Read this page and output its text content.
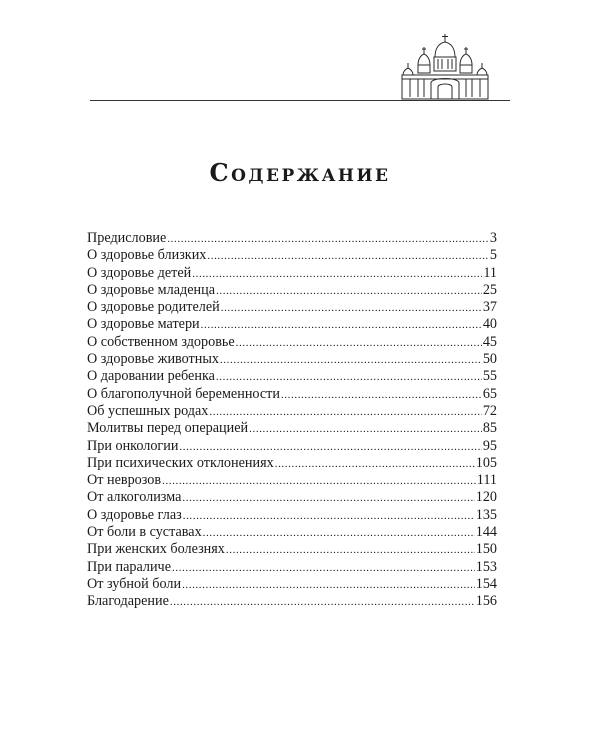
Содержание
Предисловие .....	3
О здоровье близких .....	5
О здоровье детей .....	11
О здоровье младенца .....	25
О здоровье родителей .....	37
О здоровье матери .....	40
О собственном здоровье .....	45
О здоровье животных .....	50
О даровании ребенка .....	55
О благополучной беременности .....	65
Об успешных родах .....	72
Молитвы перед операцией .....	85
При онкологии .....	95
При психических отклонениях .....	105
От неврозов .....	111
От алкоголизма .....	120
О здоровье глаз .....	135
От боли в суставах .....	144
При женских болезнях .....	150
При параличе .....	153
От зубной боли .....	154
Благодарение .....	156
